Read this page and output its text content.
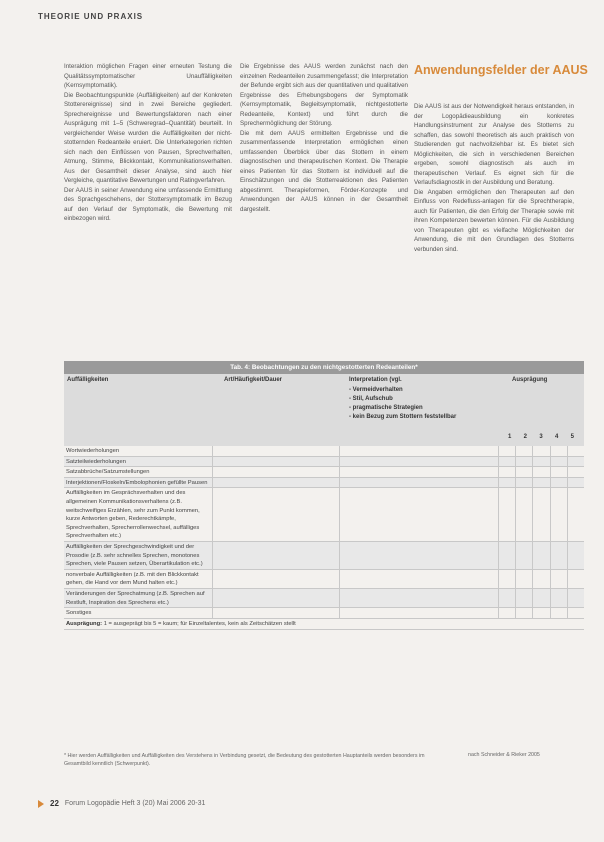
THEORIE UND PRAXIS

Interaktion möglichen Fragen einer erneuten Testung die Qualitätssymptomatischer Unauffälligkeiten (Kernsymptomatik).

Die Beobachtungspunkte (Auffälligkeiten) auf der Konkreten Stotterereignisse) sind in zwei Bereiche gegliedert. Sprechereignisse und Bewertungsfaktoren nach einer Ausprägung mit 1–5 (Schweregrad–Quantität) beurteilt. In vergleichender Weise wurden die Auffälligkeiten der nicht-stotternden Redeanteile eruiert. Die Unterkategorien richten sich nach den Einflüssen von Pausen, Sprechverhalten, Atmung, Stimme, Blickkontakt, Kommunikationsverhalten. Aus der Gesamtheit dieser Analyse, sind auch hier Vergleiche, quantitative Bewertungen und Ratingverfahren.

Der AAUS in seiner Anwendung eine umfassende Ermittlung des Sprachgeschehens, der Stottersymptomatik im Bezug auf den Verlauf der Symptomatik, die Bewertung mit einbezogen wird.

Die Ergebnisse des AAUS werden zunächst nach den einzelnen Redeanteilen zusammengefasst; die Interpretation der Befunde ergibt sich aus der quantitativen und qualitativen Ergebnisse des Erhebungsbogens der Symptomatik (Kernsymptomatik, Begleitsymptomatik, nichtgestotterte Redeanteile, Kontext) und führt durch die Sprechermöglichung der Störung.

Die mit dem AAUS ermittelten Ergebnisse und die zusammenfassende Interpretation ermöglichen einen umfassenden Überblick über das Stottern in einem diagnostischen und therapeutischen Kontext. Die Therapie eines Patienten für das Stottern ist individuell auf die Einschätzungen und die Stotterreaktionen des Patienten abgestimmt. Therapieformen, Förder-Konzepte und Anwendungen der AAUS können in der Gesamtheit dargestellt.

Anwendungsfelder der AAUS

Die AAUS ist aus der Notwendigkeit heraus entstanden, in der Logopädieausbildung ein konkretes Handlungsinstrument zur Analyse des Stotterns zu schaffen, das sowohl theoretisch als auch praktisch von Studierenden gut nachvollziehbar ist. Es bietet sich Möglichkeiten, die sich in verschiedenen Bereichen ergeben, sowohl diagnostisch als auch im therapeutischen Verlauf. Es eignet sich für die Verlaufsdiagnostik in der Ausbildung und Beratung.

Die Angaben ermöglichen den Therapeuten auf den Einfluss von Redefluss-anlagen für die Sprechtherapie, auch für Patienten, die den Erfolg der Therapie sowie mit ihren Kompetenzen bewerten können. Für die Ausbildung von Therapeuten gibt es vielfache Möglichkeiten der Anwendung, die mit den Grundlagen des Stotterns verbunden sind.

Tab. 4: Beobachtungen zu den nichtgestotterten Redeanteilen*
Auffälligkeiten	Art/Häufigkeit/Dauer	Interpretation (vgl.
- Vermeidverhalten
- Stil, Aufschub
- pragmatische Strategien
- kein Bezug zum Stottern feststellbar
Ausprägung
1 2 3 4 5
Wortwiederholungen
Satzteilwiederholungen
Satzabbrüche/Satzumstellungen
Interjektionen/Floskeln/Embolophonien gefüllte Pausen
Auffälligkeiten im Gesprächsverhalten und des allgemeinen Kommunikationsverhaltens (z.B. weitschweifiges Erzählen, sehr zum Punkt kommen, kurze Antworten geben, Rederechtkämpfe, Sprechverhalten, Sprecherrollenwechsel, auffälliges Sprechverhalten etc.)
Auffälligkeiten der Sprechgeschwindigkeit und der Prosodie (z.B. sehr schnelles Sprechen, monotones Sprechen, viele Pausen setzen, Überartikulation etc.)
nonverbale Auffälligkeiten (z.B. mit den Blickkontakt gehen, die Hand vor dem Mund halten etc.)
Veränderungen der Sprechatmung (z.B. Sprechen auf Restluft, Inspiration des Sprechens etc.)
Sonstiges
Ausprägung: 1 = ausgeprägt bis 5 = kaum; für Einzeltalentes, kein als Zeitschätzen stellt
* Hier werden Auffälligkeiten und Auffälligkeiten des Verstehens in Verbindung gesetzt, die Bedeutung des gestotterten Hauptanteils werden besonders im Gesamtbild kenntlich (Schwerpunkt).
nach Schneider & Rieker 2005
22 Forum Logopädie Heft 3 (20) Mai 2006 20-31
